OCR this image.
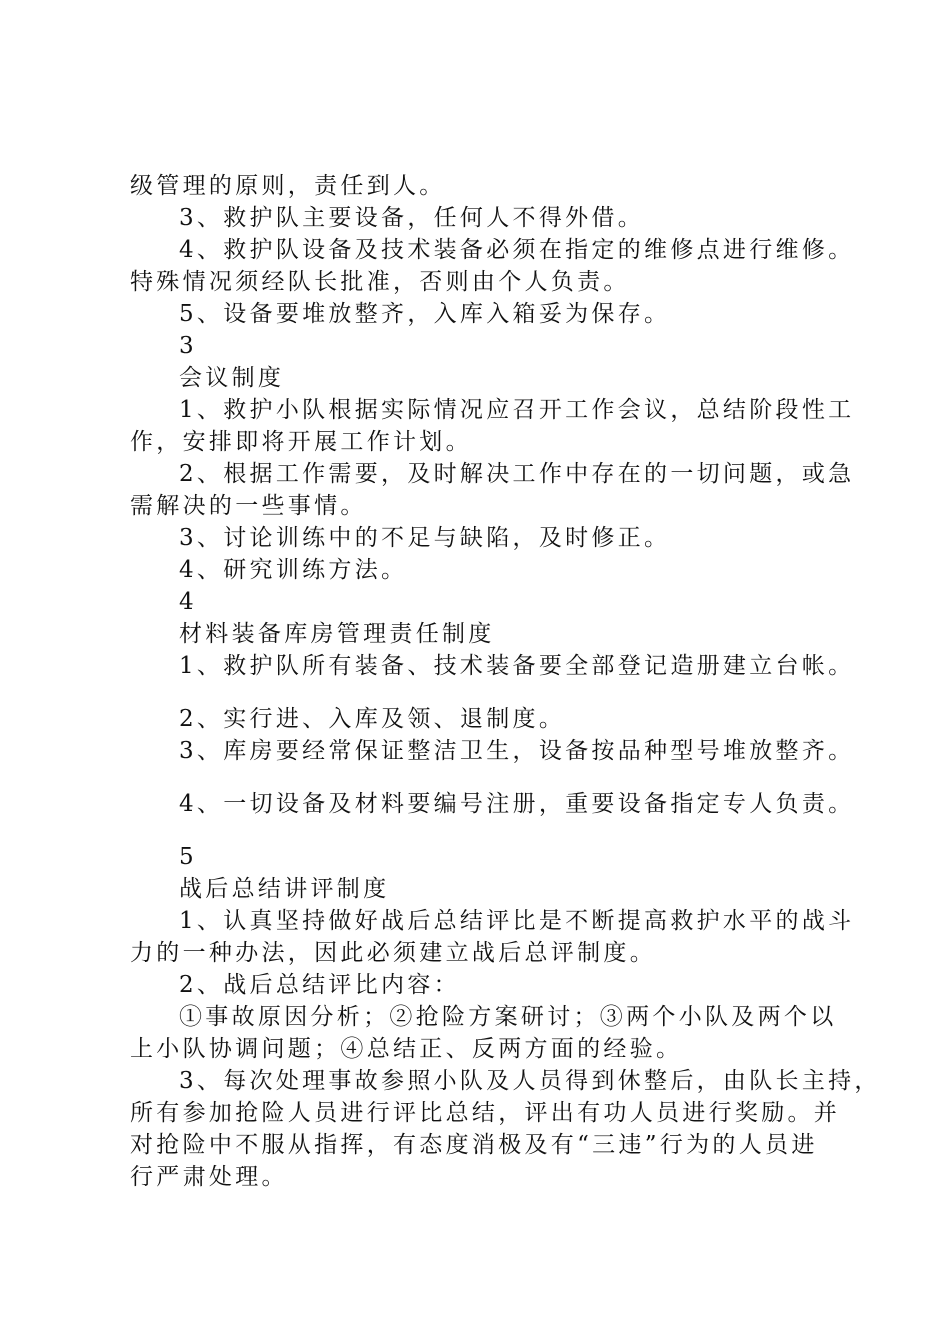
级管理的原则，责任到人。
3、救护队主要设备，任何人不得外借。
4、救护队设备及技术装备必须在指定的维修点进行维修。
特殊情况须经队长批准，否则由个人负责。
5、设备要堆放整齐，入库入箱妥为保存。
3
会议制度
1、救护小队根据实际情况应召开工作会议，总结阶段性工
作，安排即将开展工作计划。
2、根据工作需要，及时解决工作中存在的一切问题，或急
需解决的一些事情。
3、讨论训练中的不足与缺陷，及时修正。
4、研究训练方法。
4
材料装备库房管理责任制度
1、救护队所有装备、技术装备要全部登记造册建立台帐。
2、实行进、入库及领、退制度。
3、库房要经常保证整洁卫生，设备按品种型号堆放整齐。
4、一切设备及材料要编号注册，重要设备指定专人负责。
5
战后总结讲评制度
1、认真坚持做好战后总结评比是不断提高救护水平的战斗
力的一种办法，因此必须建立战后总评制度。
2、战后总结评比内容：
①事故原因分析；②抢险方案研讨；③两个小队及两个以
上小队协调问题；④总结正、反两方面的经验。
3、每次处理事故参照小队及人员得到休整后，由队长主持，
所有参加抢险人员进行评比总结，评出有功人员进行奖励。并
对抢险中不服从指挥，有态度消极及有“三违”行为的人员进
行严肃处理。
